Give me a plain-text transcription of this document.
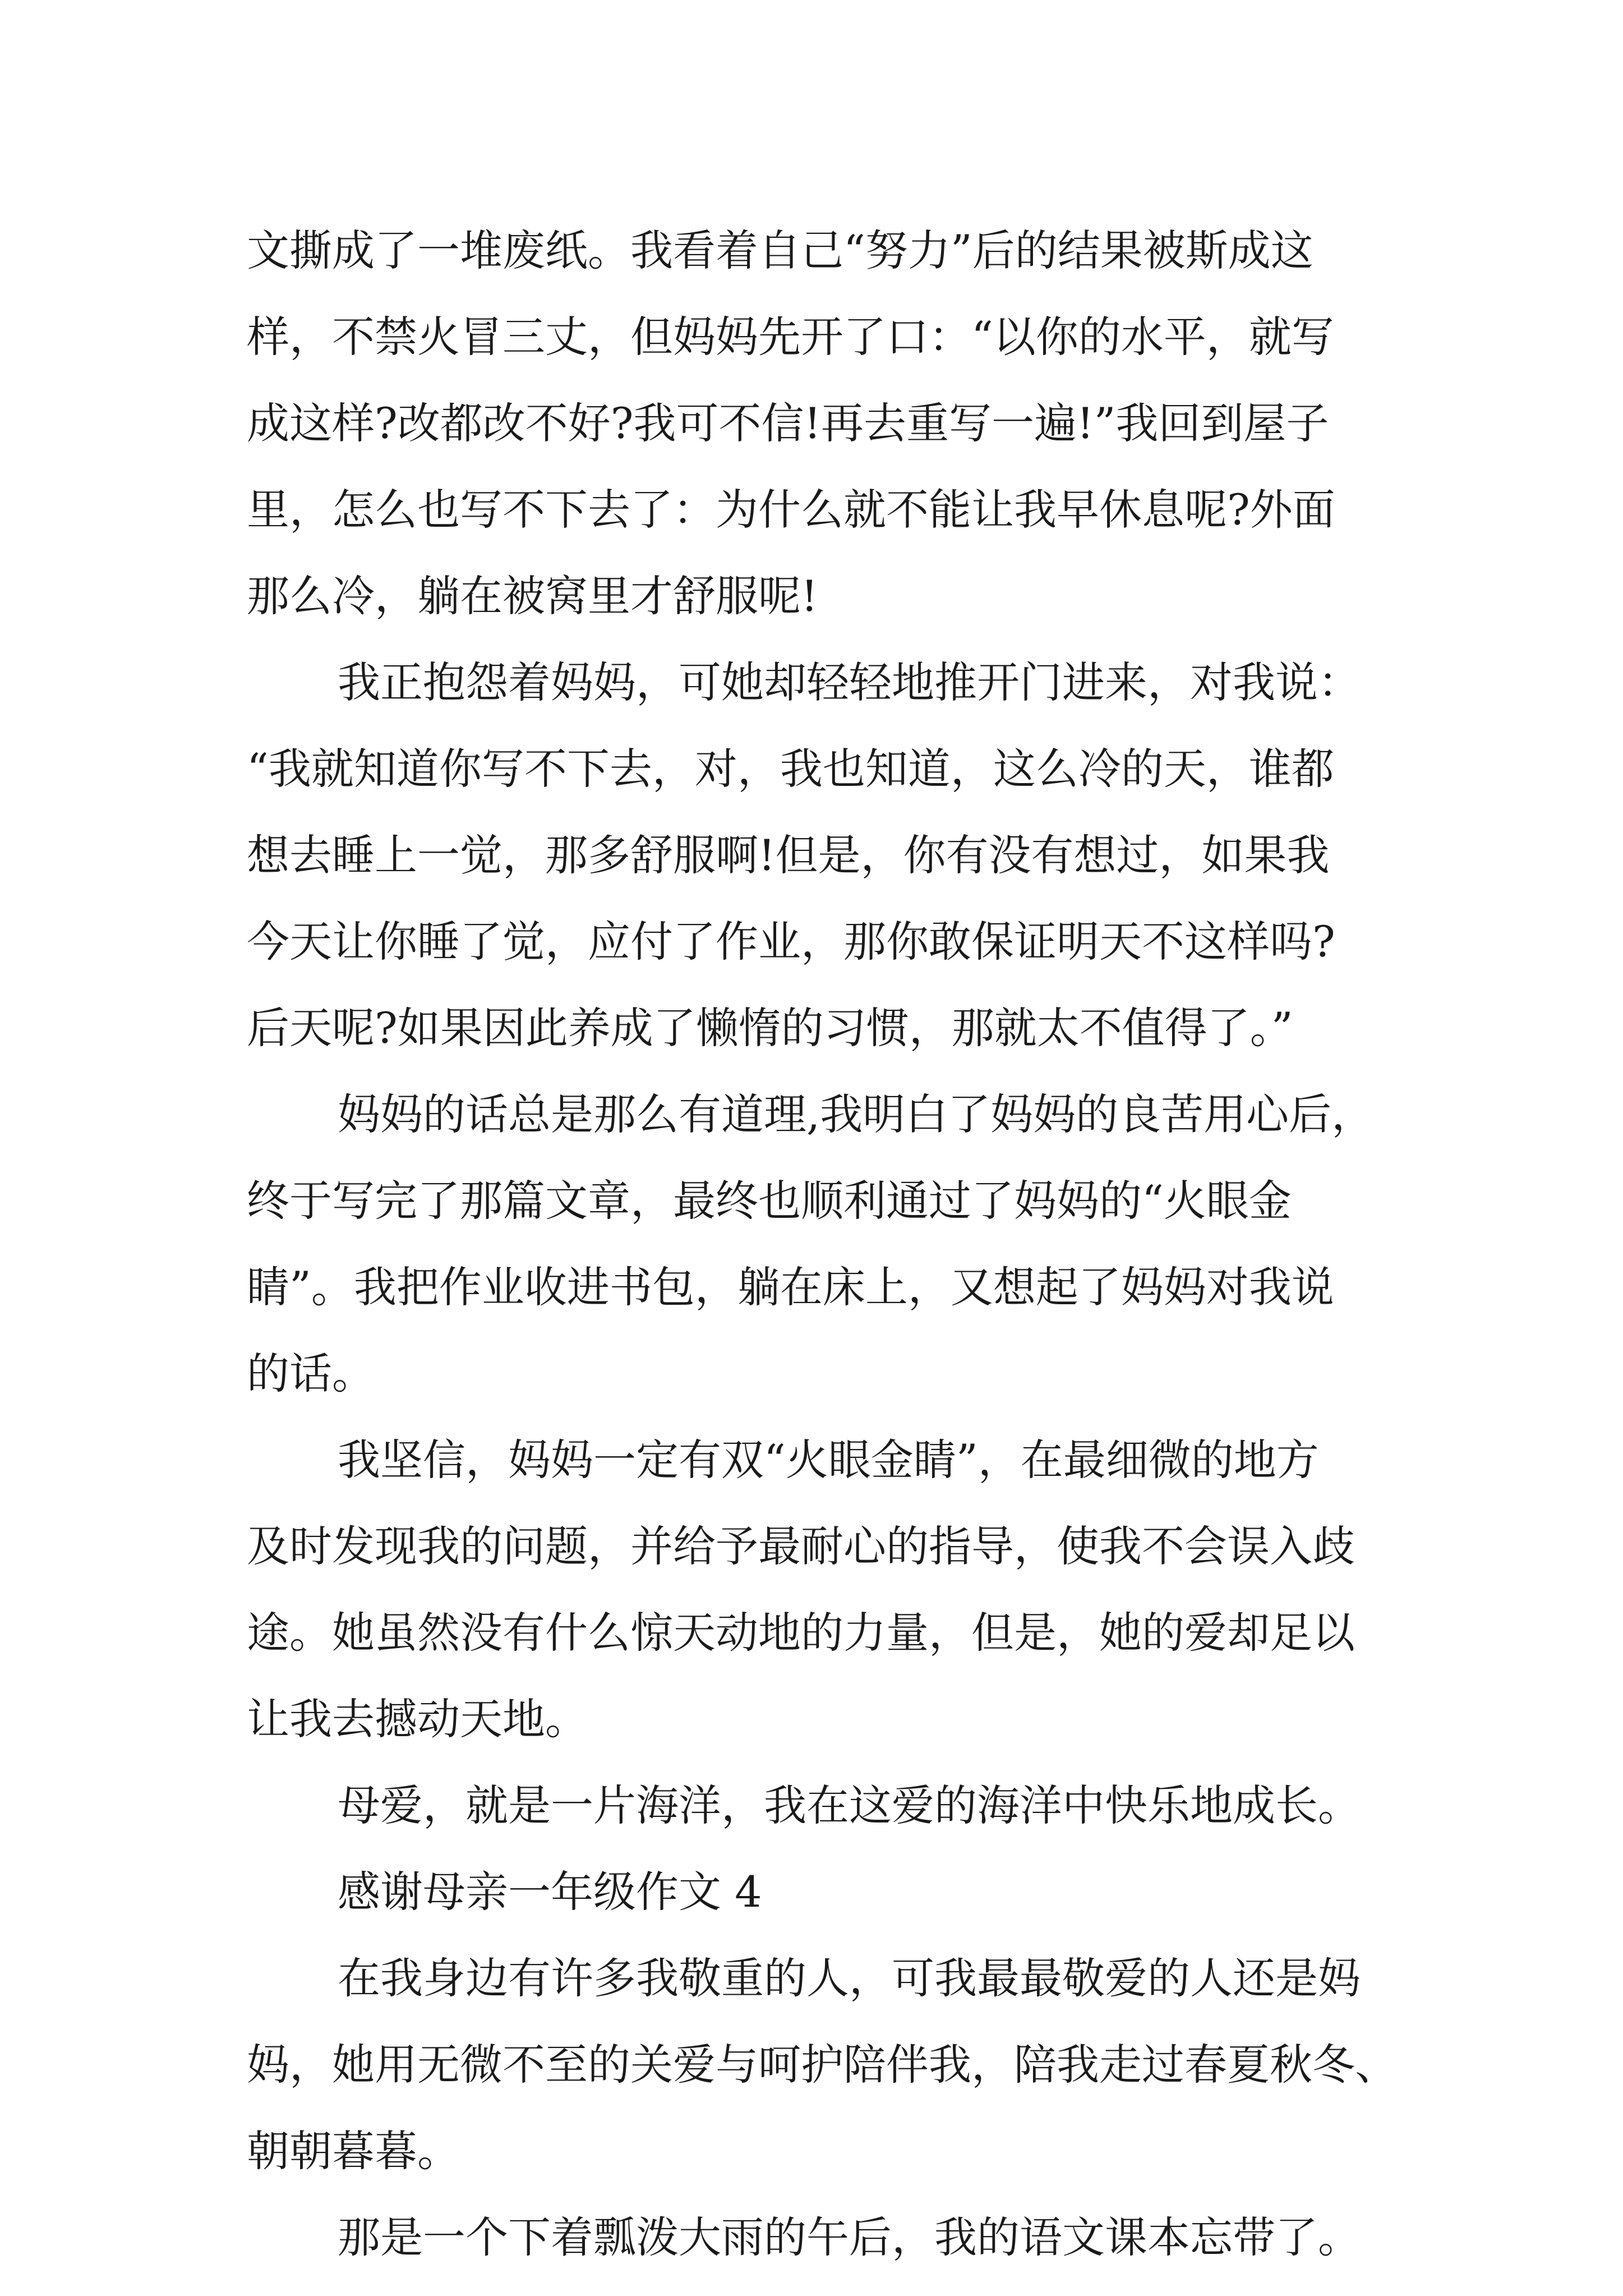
文撕成了一堆废纸。我看着自己“努力”后的结果被斯成这
样，不禁火冒三丈，但妈妈先开了口：“以你的水平，就写
成这样?改都改不好?我可不信!再去重写一遍!”我回到屋子
里，怎么也写不下去了：为什么就不能让我早休息呢?外面
那么冷，躺在被窝里才舒服呢!
我正抱怨着妈妈，可她却轻轻地推开门进来，对我说：
“我就知道你写不下去，对，我也知道，这么冷的天，谁都
想去睡上一觉，那多舒服啊!但是，你有没有想过，如果我
今天让你睡了觉，应付了作业，那你敢保证明天不这样吗?
后天呢?如果因此养成了懒惰的习惯，那就太不值得了。”
妈妈的话总是那么有道理,我明白了妈妈的良苦用心后，
终于写完了那篇文章，最终也顺利通过了妈妈的“火眼金
睛”。我把作业收进书包，躺在床上，又想起了妈妈对我说
的话。
我坚信，妈妈一定有双“火眼金睛”，在最细微的地方
及时发现我的问题，并给予最耐心的指导，使我不会误入歧
途。她虽然没有什么惊天动地的力量，但是，她的爱却足以
让我去撼动天地。
母爱，就是一片海洋，我在这爱的海洋中快乐地成长。
感谢母亲一年级作文 4
在我身边有许多我敬重的人，可我最最敬爱的人还是妈
妈，她用无微不至的关爱与呵护陪伴我，陪我走过春夏秋冬、
朝朝暮暮。
那是一个下着瓢泼大雨的午后，我的语文课本忘带了。
